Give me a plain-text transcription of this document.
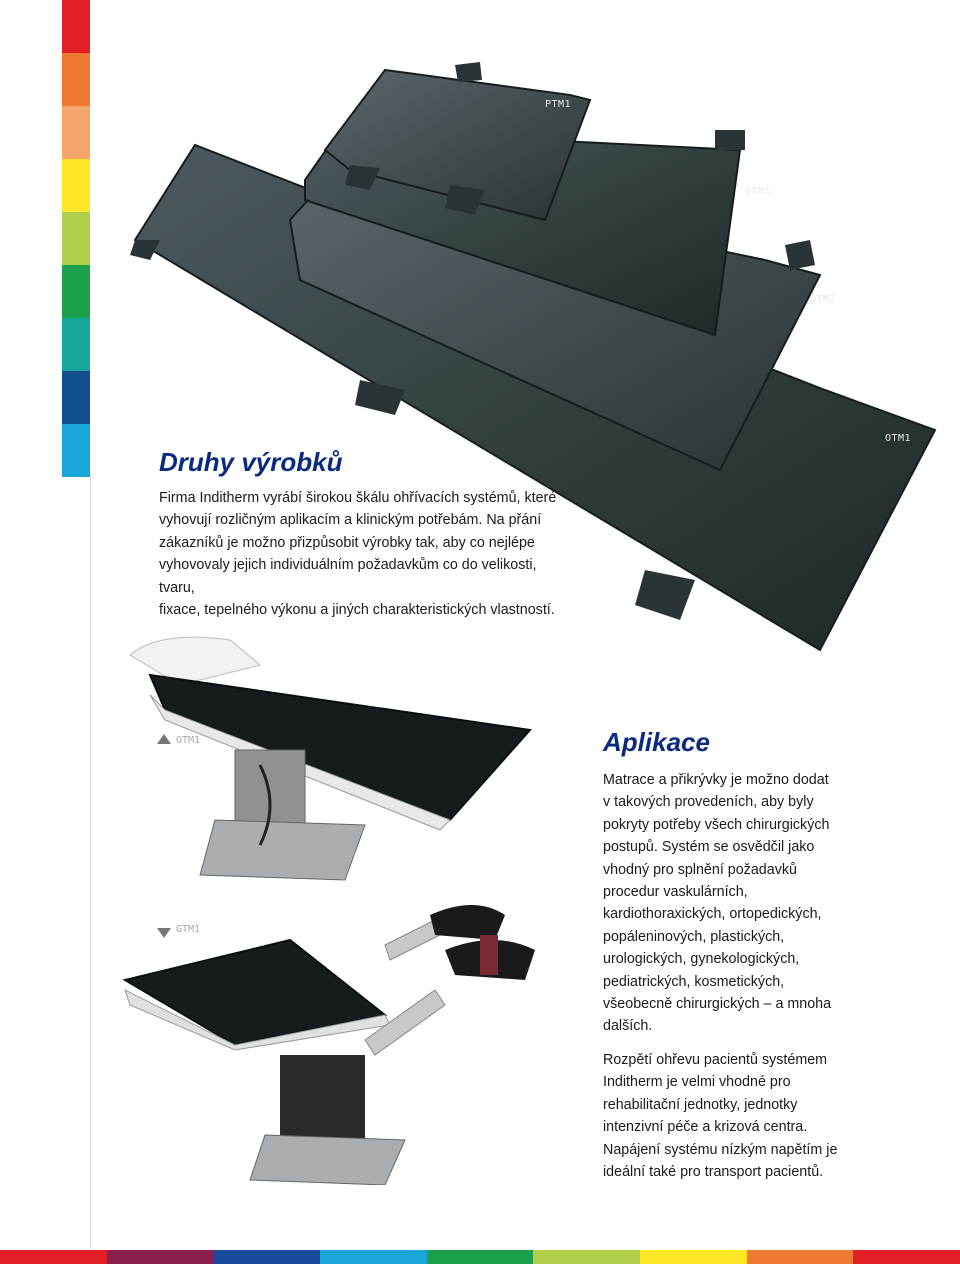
PTM1
GTM1
OTM2
OTM1
Druhy výrobků
Firma Inditherm vyrábí širokou škálu ohřívacích systémů, které
vyhovují rozličným aplikacím a klinickým potřebám. Na přání
zákazníků je možno přizpůsobit výrobky tak, aby co nejlépe
vyhovovaly jejich individuálním požadavkům co do velikosti, tvaru,
fixace, tepelného výkonu a jiných charakteristických vlastností.
OTM1
GTM1
Aplikace
Matrace a přikrývky je možno dodat
v takových provedeních, aby byly
pokryty potřeby všech chirurgických
postupů. Systém se osvědčil jako
vhodný pro splnění požadavků
procedur vaskulárních,
kardiothoraxických, ortopedických,
popáleninových, plastických,
urologických, gynekologických,
pediatrických, kosmetických,
všeobecně chirurgických – a mnoha
dalších.
Rozpětí ohřevu pacientů systémem
Inditherm je velmi vhodné pro
rehabilitační jednotky, jednotky
intenzivní péče a krizová centra.
Napájení systému nízkým napětím je
ideální také pro transport pacientů.
